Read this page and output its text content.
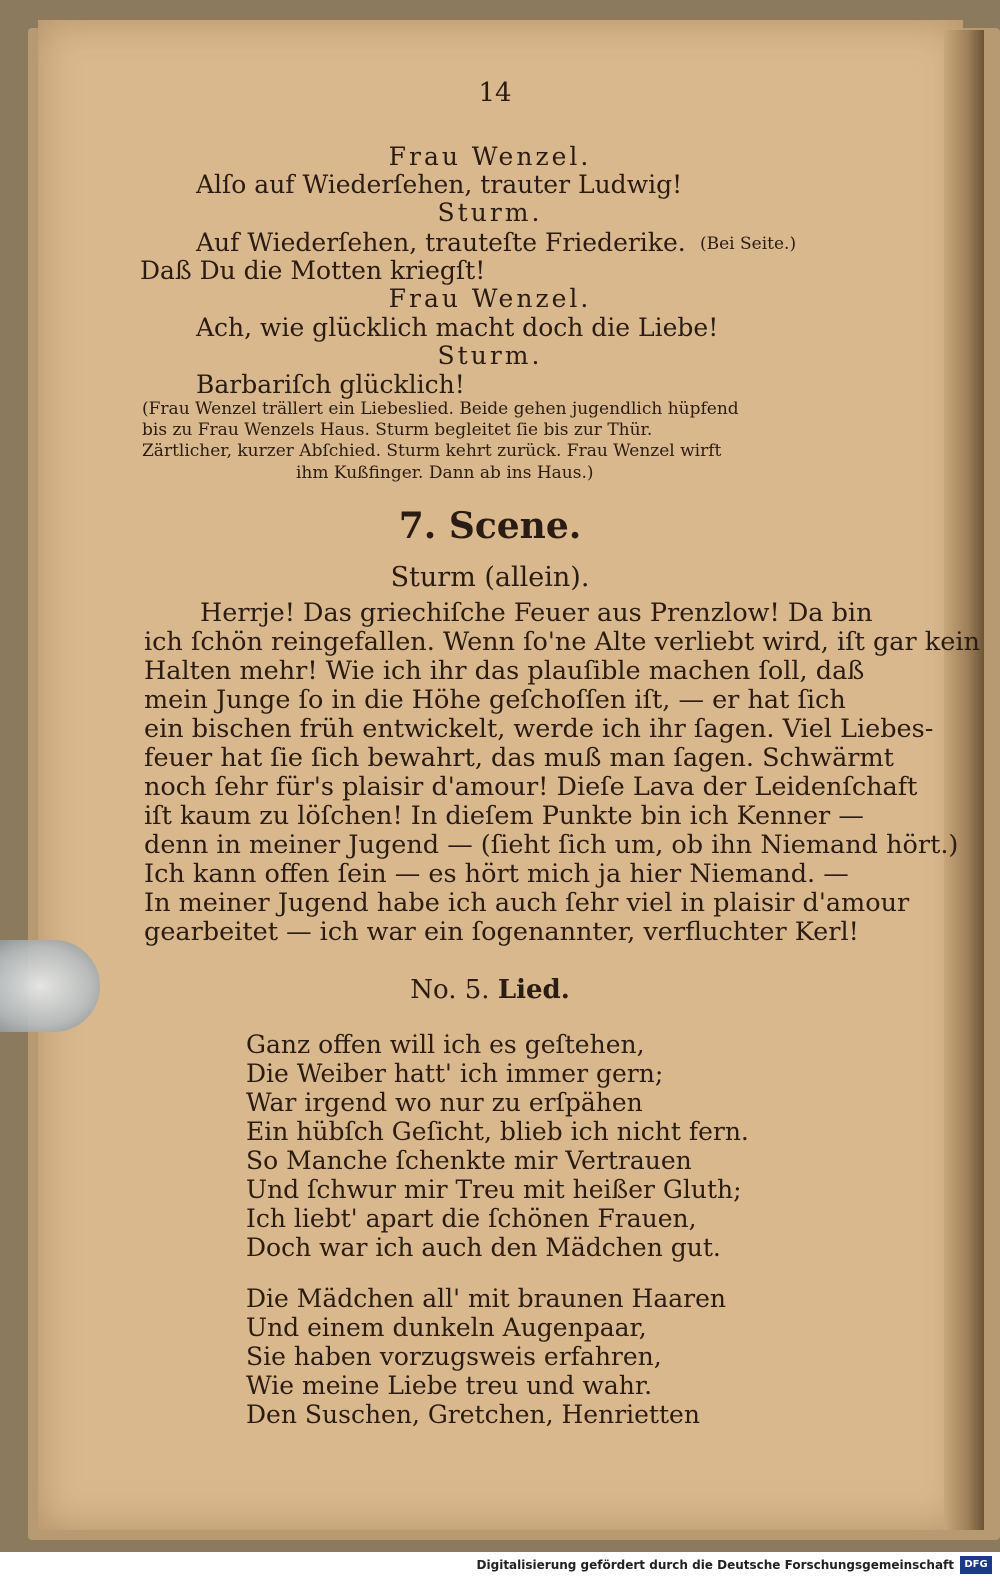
14
Frau Wenzel.
Alſo auf Wiederſehen, trauter Ludwig!
Sturm.
Auf Wiederſehen, trauteſte Friederike. (Bei Seite.)
Daß Du die Motten kriegſt!
Frau Wenzel.
Ach, wie glücklich macht doch die Liebe!
Sturm.
Barbariſch glücklich!
(Frau Wenzel trällert ein Liebeslied. Beide gehen jugendlich hüpfend
bis zu Frau Wenzels Haus. Sturm begleitet ſie bis zur Thür.
Zärtlicher, kurzer Abſchied. Sturm kehrt zurück. Frau Wenzel wirft
ihm Kußfinger. Dann ab ins Haus.)
7. Scene.
Sturm (allein).
Herrje! Das griechiſche Feuer aus Prenzlow! Da bin
ich ſchön reingefallen. Wenn ſo'ne Alte verliebt wird, iſt gar kein
Halten mehr! Wie ich ihr das plauſible machen ſoll, daß
mein Junge ſo in die Höhe geſchoſſen iſt, — er hat ſich
ein bischen früh entwickelt, werde ich ihr ſagen. Viel Liebes-
feuer hat ſie ſich bewahrt, das muß man ſagen. Schwärmt
noch ſehr für's plaisir d'amour! Dieſe Lava der Leidenſchaft
iſt kaum zu löſchen! In dieſem Punkte bin ich Kenner —
denn in meiner Jugend — (ſieht ſich um, ob ihn Niemand hört.)
Ich kann offen ſein — es hört mich ja hier Niemand. —
In meiner Jugend habe ich auch ſehr viel in plaisir d'amour
gearbeitet — ich war ein ſogenannter, verfluchter Kerl!
No. 5. Lied.
Ganz offen will ich es geſtehen,
Die Weiber hatt' ich immer gern;
War irgend wo nur zu erſpähen
Ein hübſch Geſicht, blieb ich nicht fern.
So Manche ſchenkte mir Vertrauen
Und ſchwur mir Treu mit heißer Gluth;
Ich liebt' apart die ſchönen Frauen,
Doch war ich auch den Mädchen gut.
Die Mädchen all' mit braunen Haaren
Und einem dunkeln Augenpaar,
Sie haben vorzugsweis erfahren,
Wie meine Liebe treu und wahr.
Den Suschen, Gretchen, Henrietten
Digitalisierung gefördert durch die Deutsche Forschungsgemeinschaft	DFG
